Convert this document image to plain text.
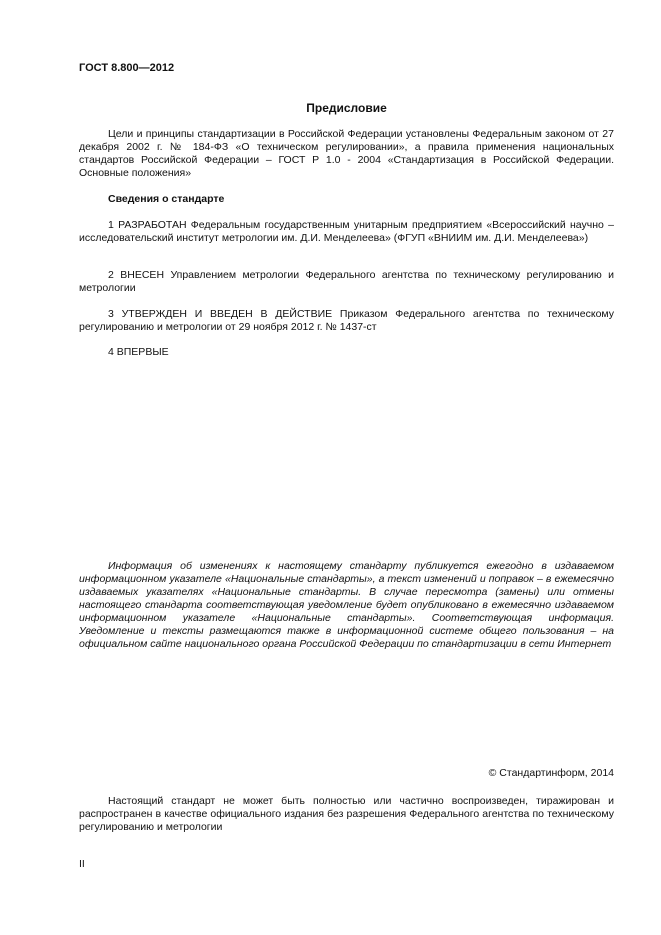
ГОСТ 8.800—2012
Предисловие

Цели и принципы стандартизации в Российской Федерации установлены Федеральным законом от 27 декабря 2002 г. № 184-ФЗ «О техническом регулировании», а правила применения национальных стандартов Российской Федерации – ГОСТ Р 1.0 - 2004 «Стандартизация в Российской Федерации. Основные положения»

Сведения о стандарте

1 РАЗРАБОТАН Федеральным государственным унитарным предприятием «Всероссийский научно – исследовательский институт метрологии им. Д.И. Менделеева» (ФГУП «ВНИИМ им. Д.И. Менделеева»)

2 ВНЕСЕН Управлением метрологии Федерального агентства по техническому регулированию и метрологии

3 УТВЕРЖДЕН И ВВЕДЕН В ДЕЙСТВИЕ Приказом Федерального агентства по техническому регулированию и метрологии от 29 ноября 2012 г. № 1437-ст

4 ВПЕРВЫЕ

Информация об изменениях к настоящему стандарту публикуется ежегодно в издаваемом информационном указателе «Национальные стандарты», а текст изменений и поправок – в ежемесячно издаваемых указателях «Национальные стандарты. В случае пересмотра (замены) или отмены настоящего стандарта соответствующая уведомление будет опубликовано в ежемесячно издаваемом информационном указателе «Национальные стандарты». Соответствующая информация. Уведомление и тексты размещаются также в информационной системе общего пользования – на официальном сайте национального органа Российской Федерации по стандартизации в сети Интернет

© Стандартинформ, 2014

Настоящий стандарт не может быть полностью или частично воспроизведен, тиражирован и распространен в качестве официального издания без разрешения Федерального агентства по техническому регулированию и метрологии

II
